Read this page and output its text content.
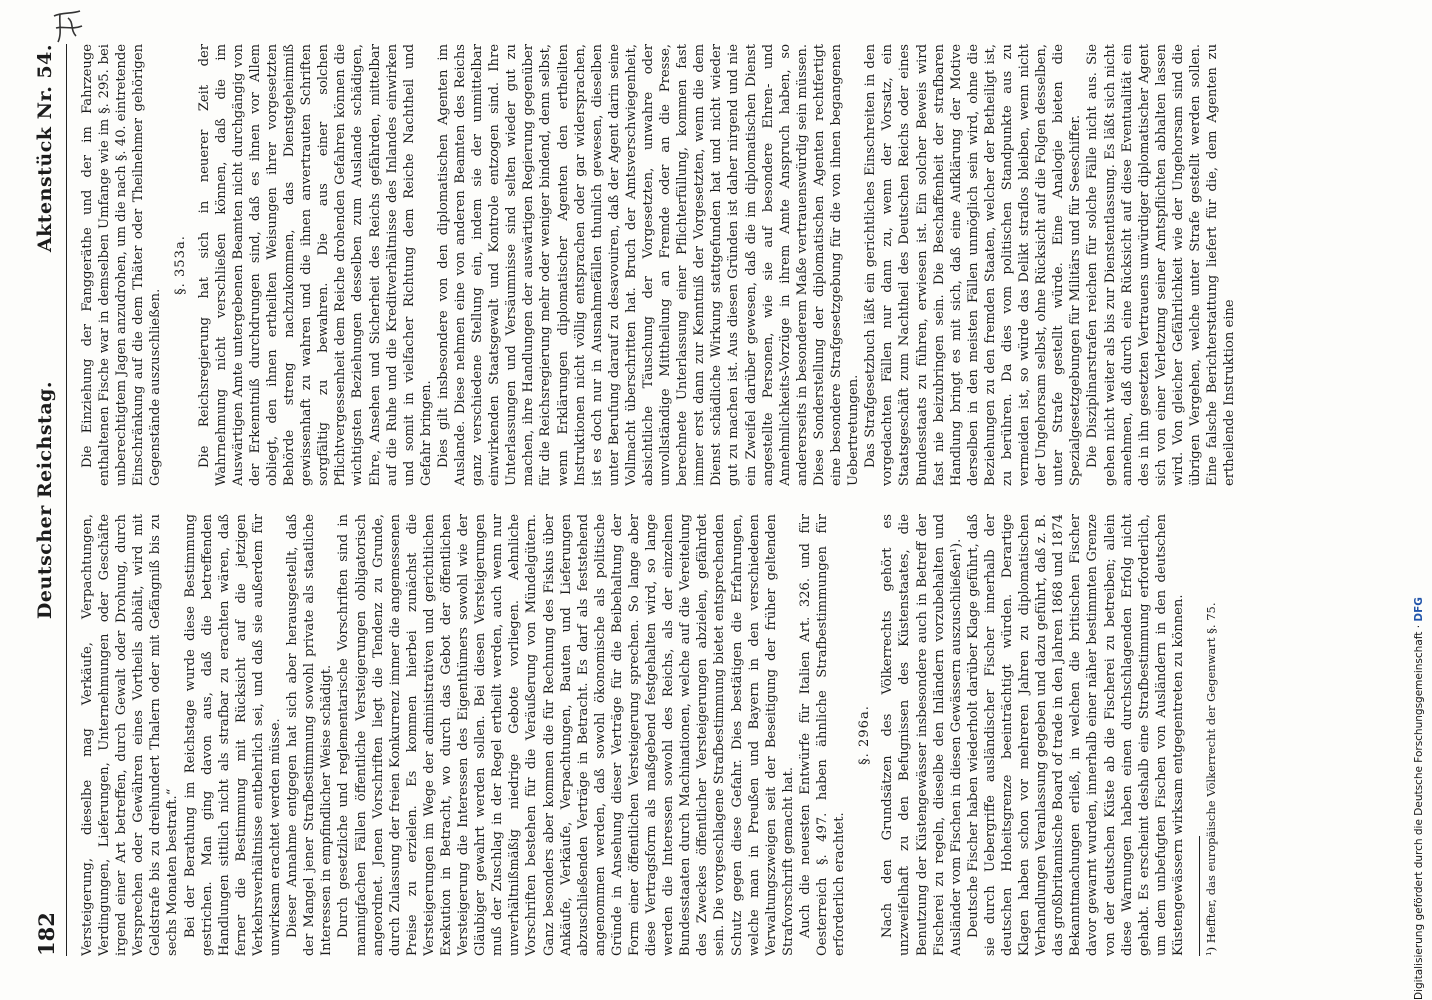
182
Deutscher Reichstag.
Aktenstück Nr. 54.

Versteigerung, dieselbe mag Verkäufe, Verpachtungen, Verdingungen, Lieferungen, Unternehmungen oder Geschäfte irgend einer Art betreffen, durch Gewalt oder Drohung, durch Versprechen oder Gewähren eines Vortheils abhält, wird mit Geldstrafe bis zu dreihundert Thalern oder mit Gefängniß bis zu sechs Monaten bestraft.“ Bei der Berathung im Reichstage wurde diese Bestimmung gestrichen. Man ging davon aus, daß die betreffenden Handlungen sittlich nicht als strafbar zu erachten wären, daß ferner die Bestimmung mit Rücksicht auf die jetzigen Verkehrsverhältnisse entbehrlich sei, und daß sie außerdem für unwirksam erachtet werden müsse. Dieser Annahme entgegen hat sich aber herausgestellt, daß der Mangel jener Strafbestimmung sowohl private als staatliche Interessen in empfindlicher Weise schädigt. Durch gesetzliche und reglementarische Vorschriften sind in mannigfachen Fällen öffentliche Versteigerungen obligatorisch angeordnet. Jenen Vorschriften liegt die Tendenz zu Grunde, durch Zulassung der freien Konkurrenz immer die angemessenen Preise zu erzielen. Es kommen hierbei zunächst die Versteigerungen im Wege der administrativen und gerichtlichen Exekution in Betracht, wo durch das Gebot der öffentlichen Versteigerung die Interessen des Eigenthümers sowohl wie der Gläubiger gewahrt werden sollen. Bei diesen Versteigerungen muß der Zuschlag in der Regel ertheilt werden, auch wenn nur unverhältnißmäßig niedrige Gebote vorliegen. Aehnliche Vorschriften bestehen für die Veräußerung von Mündelgütern. Ganz besonders aber kommen die für Rechnung des Fiskus über Ankäufe, Verkäufe, Verpachtungen, Bauten und Lieferungen abzuschließenden Verträge in Betracht. Es darf als feststehend angenommen werden, daß sowohl ökonomische als politische Gründe in Ansehung dieser Verträge für die Beibehaltung der Form einer öffentlichen Versteigerung sprechen. So lange aber diese Vertragsform als maßgebend festgehalten wird, so lange werden die Interessen sowohl des Reichs, als der einzelnen Bundesstaaten durch Machinationen, welche auf die Vereitelung des Zweckes öffentlicher Versteigerungen abzielen, gefährdet sein. Die vorgeschlagene Strafbestimmung bietet entsprechenden Schutz gegen diese Gefahr. Dies bestätigen die Erfahrungen, welche man in Preußen und Bayern in den verschiedenen Verwaltungszweigen seit der Beseitigung der früher geltenden Strafvorschrift gemacht hat. Auch die neuesten Entwürfe für Italien Art. 326. und für Oesterreich §. 497. haben ähnliche Strafbestimmungen für erforderlich erachtet.

§. 296a. Nach den Grundsätzen des Völkerrechts gehört es unzweifelhaft zu den Befugnissen des Küstenstaates, die Benutzung der Küstengewässer insbesondere auch in Betreff der Fischerei zu regeln, dieselbe den Inländern vorzubehalten und Ausländer vom Fischen in diesen Gewässern auszuschließen¹). Deutsche Fischer haben wiederholt darüber Klage geführt, daß sie durch Uebergriffe ausländischer Fischer innerhalb der deutschen Hoheitsgrenze beeinträchtigt würden. Derartige Klagen haben schon vor mehreren Jahren zu diplomatischen Verhandlungen Veranlassung gegeben und dazu geführt, daß z. B. das großbritannische Board of trade in den Jahren 1868 und 1874 Bekanntmachungen erließ, in welchen die britischen Fischer davor gewarnt wurden, innerhalb einer näher bestimmten Grenze von der deutschen Küste ab die Fischerei zu betreiben; allein diese Warnungen haben einen durchschlagenden Erfolg nicht gehabt. Es erscheint deshalb eine Strafbestimmung erforderlich, um dem unbefugten Fischen von Ausländern in den deutschen Küstengewässern wirksam entgegentreten zu können. ¹) Heffter, das europäische Völkerrecht der Gegenwart §. 75.

Die Einziehung der Fanggeräthe und der im Fahrzeuge enthaltenen Fische war in demselben Umfange wie im §. 295. bei unberechtigtem Jagen anzudrohen, um die nach §. 40. eintretende Einschränkung auf die dem Thäter oder Theilnehmer gehörigen Gegenstände auszuschließen.

§. 353a. Die Reichsregierung hat sich in neuerer Zeit der Wahrnehmung nicht verschließen können, daß die im Auswärtigen Amte untergebenen Beamten nicht durchgängig von der Erkenntniß durchdrungen sind, daß es ihnen vor Allem obliegt, den ihnen ertheilten Weisungen ihrer vorgesetzten Behörde streng nachzukommen, das Dienstgeheimniß gewissenhaft zu wahren und die ihnen anvertrauten Schriften sorgfältig zu bewahren. Die aus einer solchen Pflichtvergessenheit dem Reiche drohenden Gefahren können die wichtigsten Beziehungen desselben zum Auslande schädigen, Ehre, Ansehen und Sicherheit des Reichs gefährden, mittelbar auf die Ruhe und die Kreditverhältnisse des Inlandes einwirken und somit in vielfacher Richtung dem Reiche Nachtheil und Gefahr bringen. Dies gilt insbesondere von den diplomatischen Agenten im Auslande. Diese nehmen eine von anderen Beamten des Reichs ganz verschiedene Stellung ein, indem sie der unmittelbar einwirkenden Staatsgewalt und Kontrole entzogen sind. Ihre Unterlassungen und Versäumnisse sind selten wieder gut zu machen, ihre Handlungen der auswärtigen Regierung gegenüber für die Reichsregierung mehr oder weniger bindend, denn selbst, wenn Erklärungen diplomatischer Agenten den ertheilten Instruktionen nicht völlig entsprachen oder gar widersprachen, ist es doch nur in Ausnahmefällen thunlich gewesen, dieselben unter Berufung darauf zu desavouiren, daß der Agent darin seine Vollmacht überschritten hat. Bruch der Amtsverschwiegenheit, absichtliche Täuschung der Vorgesetzten, unwahre oder unvollständige Mittheilung an Fremde oder an die Presse, berechnete Unterlassung einer Pflichterfüllung, kommen fast immer erst dann zur Kenntniß der Vorgesetzten, wenn die dem Dienst schädliche Wirkung stattgefunden hat und nicht wieder gut zu machen ist. Aus diesen Gründen ist daher nirgend und nie ein Zweifel darüber gewesen, daß die im diplomatischen Dienst angestellte Personen, wie sie auf besondere Ehren- und Annehmlichkeits-Vorzüge in ihrem Amte Anspruch haben, so andererseits in besonderem Maße vertrauenswürdig sein müssen. Diese Sonderstellung der diplomatischen Agenten rechtfertigt eine besondere Strafgesetzgebung für die von ihnen begangenen Uebertretungen. Das Strafgesetzbuch läßt ein gerichtliches Einschreiten in den vorgedachten Fällen nur dann zu, wenn der Vorsatz, ein Staatsgeschäft zum Nachtheil des Deutschen Reichs oder eines Bundesstaats zu führen, erwiesen ist. Ein solcher Beweis wird fast nie beizubringen sein. Die Beschaffenheit der strafbaren Handlung bringt es mit sich, daß eine Aufklärung der Motive derselben in den meisten Fällen unmöglich sein wird, ohne die Beziehungen zu den fremden Staaten, welcher der Betheiligt ist, zu berühren. Da dies vom politischen Standpunkte aus zu vermeiden ist, so würde das Delikt straflos bleiben, wenn nicht der Ungehorsam selbst, ohne Rücksicht auf die Folgen desselben, unter Strafe gestellt würde. Eine Analogie bieten die Spezialgesetzgebungen für Militärs und für Seeschiffer. Die Disziplinarstrafen reichen für solche Fälle nicht aus. Sie gehen nicht weiter als bis zur Dienstentlassung. Es läßt sich nicht annehmen, daß durch eine Rücksicht auf diese Eventualität ein des in ihn gesetzten Vertrauens unwürdiger diplomatischer Agent sich von einer Verletzung seiner Amtspflichten abhalten lassen wird. Von gleicher Gefährlichkeit wie der Ungehorsam sind die übrigen Vergehen, welche unter Strafe gestellt werden sollen. Eine falsche Berichterstattung liefert für die, dem Agenten zu ertheilende Instruktion eine

Digitalisierung gefördert durch die Deutsche Forschungsgemeinschaft · DFG
